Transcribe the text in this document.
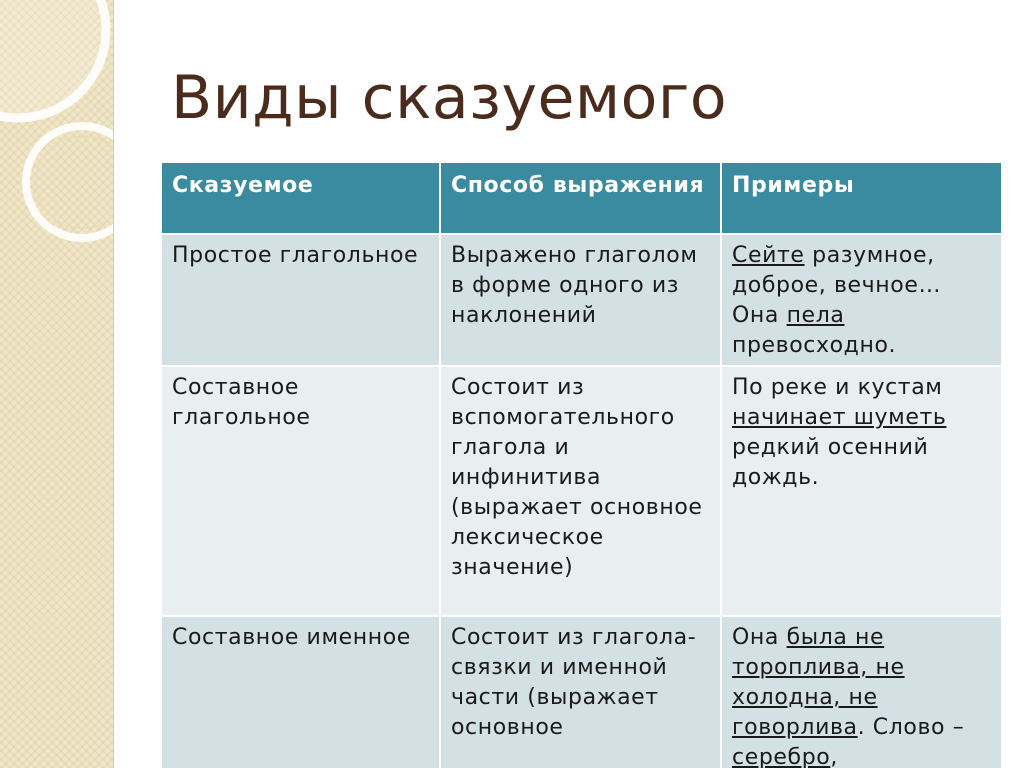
Виды сказуемого
Сказуемое	Способ выражения	Примеры
Простое глагольное	Выражено глаголом в форме одного из наклонений	Сейте разумное, доброе, вечное… Она пела превосходно.
Составное глагольное	Состоит из вспомогательного глагола и инфинитива (выражает основное лексическое значение)	По реке и кустам начинает шуметь редкий осенний дождь.
Составное именное	Состоит из глагола-связки и именной части (выражает основное	Она была не тороплива, не холодна, не говорлива. Слово – серебро,
